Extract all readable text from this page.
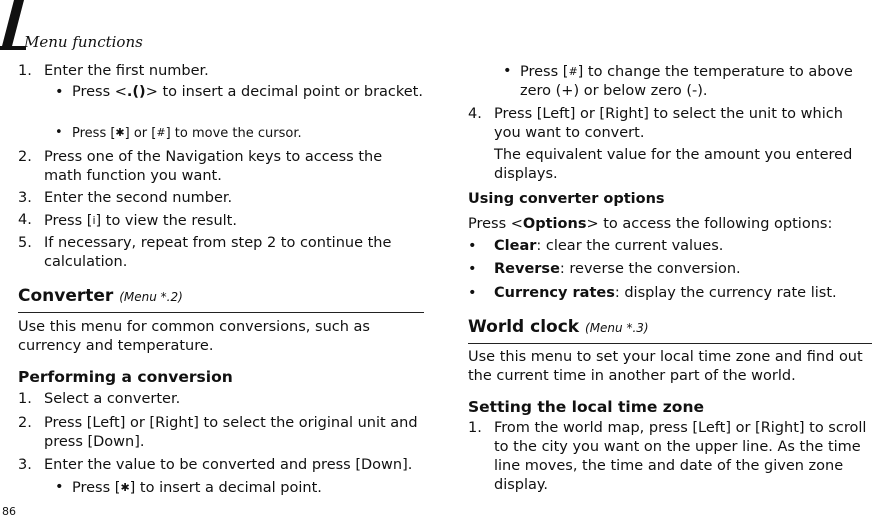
Menu functions
86
1. Enter the first number.
• Press <.()> to insert a decimal point or bracket.
• Press [✱] or [#] to move the cursor.
2. Press one of the Navigation keys to access the math function you want.
3. Enter the second number.
4. Press [i] to view the result.
5. If necessary, repeat from step 2 to continue the calculation.
Converter (Menu *.2)
Use this menu for common conversions, such as currency and temperature.
Performing a conversion
1. Select a converter.
2. Press [Left] or [Right] to select the original unit and press [Down].
3. Enter the value to be converted and press [Down].
• Press [✱] to insert a decimal point.
• Press [#] to change the temperature to above zero (+) or below zero (-).
4. Press [Left] or [Right] to select the unit to which you want to convert.
The equivalent value for the amount you entered displays.
Using converter options
Press <Options> to access the following options:
• Clear: clear the current values.
• Reverse: reverse the conversion.
• Currency rates: display the currency rate list.
World clock (Menu *.3)
Use this menu to set your local time zone and find out the current time in another part of the world.
Setting the local time zone
1. From the world map, press [Left] or [Right] to scroll to the city you want on the upper line. As the time line moves, the time and date of the given zone display.
